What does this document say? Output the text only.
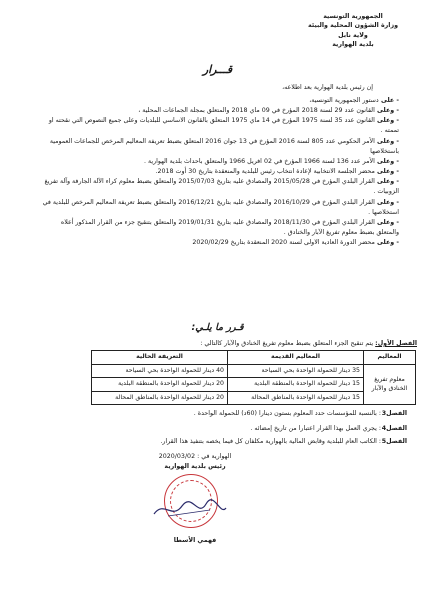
الجمهورية التونسية
وزارة الشؤون المحلية والبيئة
ولاية نابل
بلدية الهوارية
قـــرار
إن رئيس بلدية الهوارية بعد اطلاعه،
- على دستور الجمهورية التونسية،
- وعلى القانون عدد 29 لسنة 2018 المؤرخ في 09 ماي 2018 والمتعلق بمجلة الجماعات المحلية ،
- وعلى القانون عدد 35 لسنة 1975 المؤرخ في 14 ماي 1975 المتعلق بالقانون الاساسي للبلديات وعلى جميع النصوص التي نقحته او تممته .
- وعلى الأمر الحكومي عدد 805 لسنة 2016 المؤرخ في 13 جوان 2016 المتعلق بضبط تعريفة المعاليم المرخص للجماعات العمومية باستخلاصها
- وعلى الأمر عدد 136 لسنة 1966 المؤرخ في 02 افريل 1966 والمتعلق باحداث بلدية الهوارية .
- وعلى محضر الجلسة الانتخابية لإعادة انتخاب رئيس للبلدية والمنعقدة بتاريخ 30 أوت 2018.
- وعلى القرار البلدي المؤرخ في 2015/05/28 والمصادق عليه بتاريخ 2015/07/03 والمتعلق بضبط معلوم كراء الآلة الجارفة وآلة تفريغ الزوبيات .
- وعلى القرار البلدي المؤرخ في 2016/10/29 والمصادق عليه بتاريخ 2016/12/21 والمتعلق بضبط تعريفة المعاليم المرخص للبلدية في استخلاصها .
- وعلى القرار البلدي المؤرخ في 2018/11/30 والمصادق عليه بتاريخ 2019/01/31 والمتعلق بتنقيح جزء من القرار المذكور أعلاه والمتعلق بضبط معلوم تفريغ الآبار والخنادق .
- وعلى محضر الدورة العادية الاولى لسنة 2020 المنعقدة بتاريخ 2020/02/29
قـرر ما يلـي:
الفصل الأول: يتم تنقيح الجزء المتعلق بضبط معلوم تفريغ الخنادق والآبار كالتالي :
المعاليم	المعاليم القديمة	التعريفة الحالية
معلوم تفريغ الخنادق والآبار	35 دينار للحمولة الواحدة بحي السياحة	40 دينار للحمولة الواحدة بحي السياحة
	15 دينار للحمولة الواحدة بالمنطقة البلدية	20 دينار للحمولة الواحدة بالمنطقة البلدية
	15 دينار للحمولة الواحدة بالمناطق المحالة	20 دينار للحمولة الواحدة بالمناطق المحالة
الفصل3: بالنسبة للمؤسسات حدد المعلوم بستون دينارا (60د) للحمولة الواحدة .
الفصل4: يجري العمل بهذا القرار اعتبارا من تاريخ إمضائه .
الفصل5: الكاتب العام للبلدية وقابض المالية بالهوارية مكلفان كل فيما يخصه بتنفيذ هذا القرار.
الهوارية في : 2020/03/02
رئيس بلدية الهوارية
فهمي الأسطا
